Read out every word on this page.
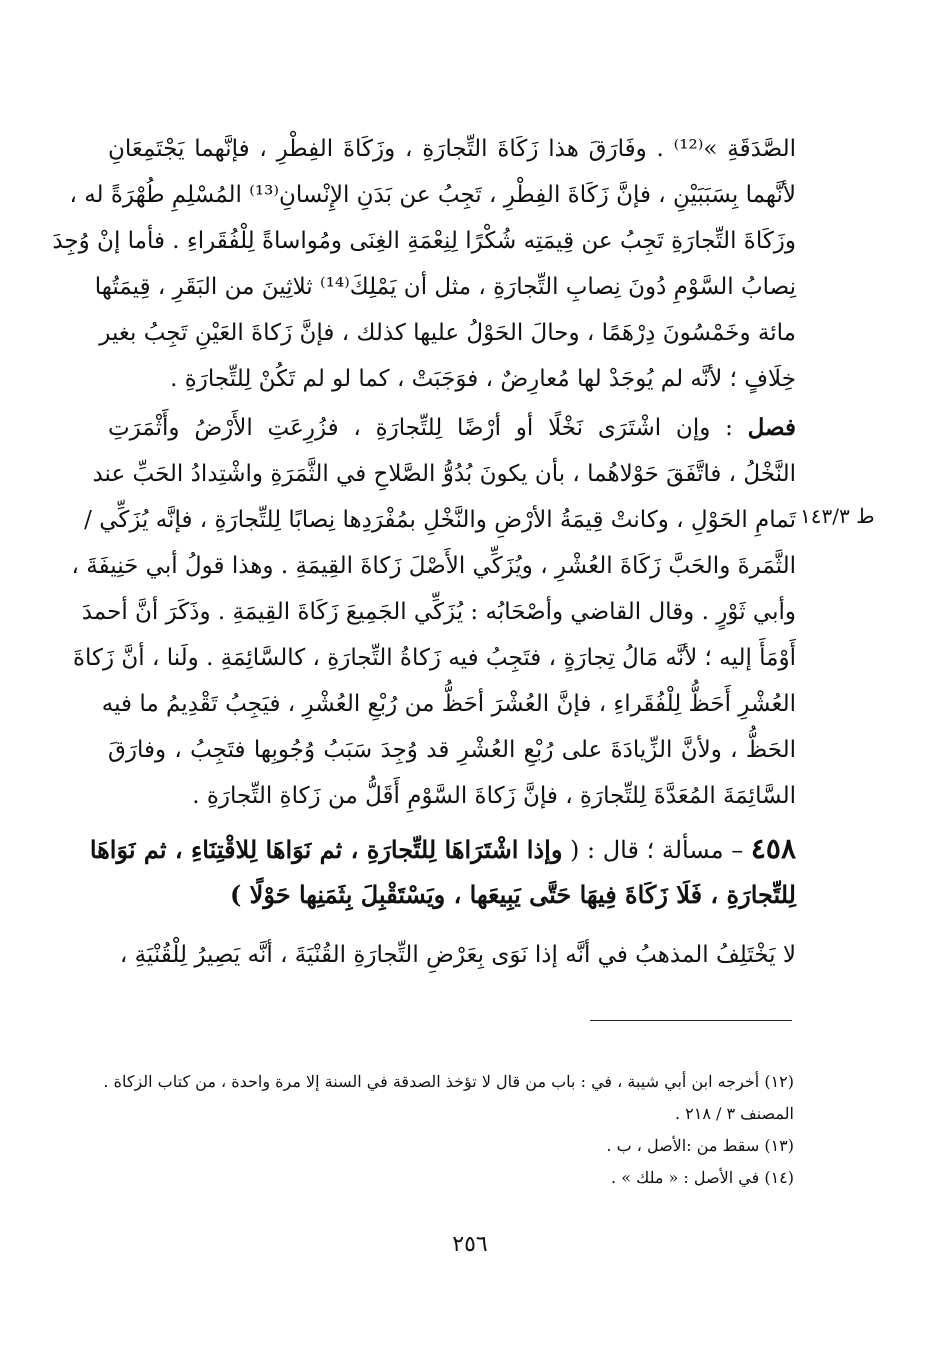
الصَّدَقَةِ »⁽¹²⁾ . وفَارَقَ هذا زَكَاةَ التِّجارَةِ ، وزَكَاةَ الفِطْرِ ، فإنَّهما يَجْتَمِعَانِ
لأنَّهما بِسَبَبَيْنِ ، فإنَّ زَكَاةَ الفِطْرِ ، تَجِبُ عن بَدَنِ الإِنْسانِ⁽¹³⁾ المُسْلِمِ طُهْرَةً له ،
وزَكَاةَ التِّجارَةِ تَجِبُ عن قِيمَتِه شُكْرًا لِنِعْمَةِ الغِنَى ومُواساةً لِلْفُقَراءِ . فأما إنْ وُجِدَ
نِصابُ السَّوْمِ دُونَ نِصابِ التِّجارَةِ ، مثل أن يَمْلِكَ⁽¹⁴⁾ ثلاثِينَ من البَقَرِ ، قِيمَتُها
مائة وخَمْسُونَ دِرْهَمًا ، وحالَ الحَوْلُ عليها كذلك ، فإنَّ زَكاةَ العَيْنِ تَجِبُ بغير
خِلَافٍ ؛ لأنَّه لم يُوجَدْ لها مُعارِضٌ ، فوَجَبَتْ ، كما لو لم تَكُنْ لِلتِّجارَةِ .
فصل : وإن اشْتَرَى نَخْلًا أو أرْضًا لِلتِّجارَةِ ، فزُرِعَتِ الأَرْضُ وأَثْمَرَتِ
النَّخْلُ ، فاتَّفَقَ حَوْلاهُما ، بأن يكونَ بُدُوُّ الصَّلاحِ في الثَّمَرَةِ واشْتِدادُ الحَبِّ عند
تَمامِ الحَوْلِ ، وكانتْ قِيمَةُ الأرْضِ والنَّخْلِ بمُفْرَدِها نِصابًا لِلتِّجارَةِ ، فإنَّه يُزَكِّي /
الثَّمَرةَ والحَبَّ زَكَاةَ العُشْرِ ، ويُزَكِّي الأَصْلَ زَكاةَ القِيمَةِ . وهذا قولُ أبي حَنِيفَةَ ،
وأبي ثَوْرٍ . وقال القاضي وأصْحَابُه : يُزَكِّي الجَمِيعَ زَكَاةَ القِيمَةِ . وذَكَرَ أنَّ أحمدَ
أَوْمَأَ إليه ؛ لأنَّه مَالُ تِجارَةٍ ، فتَجِبُ فيه زَكاةُ التِّجارَةِ ، كالسَّائِمَةِ . ولَنا ، أنَّ زَكاةَ
العُشْرِ أَحَظُّ لِلْفُقَراءِ ، فإنَّ العُشْرَ أحَظُّ من رُبْعِ العُشْرِ ، فيَجِبُ تَقْدِيمُ ما فيه
الحَظُّ ، ولأنَّ الزِّيادَةَ على رُبْعِ العُشْرِ قد وُجِدَ سَبَبُ وُجُوبِها فتَجِبُ ، وفارَقَ
السَّائِمَةَ المُعَدَّةَ لِلتِّجارَةِ ، فإنَّ زَكاةَ السَّوْمِ أَقَلُّ من زَكاةِ التِّجارَةِ .
ط ١٤٣/٣
٤٥٨ – مسألة ؛ قال : ( وإذا اشْتَرَاهَا لِلتِّجارَةِ ، ثم نَوَاهَا لِلاقْتِنَاءِ ، ثم نَوَاهَا
لِلتِّجارَةِ ، فَلَا زَكَاةَ فِيهَا حَتَّى يَبِيعَها ، ويَسْتَقْبِلَ بِثَمَنِها حَوْلًا )
لا يَخْتَلِفُ المذهبُ في أنَّه إذا نَوَى بِعَرْضِ التِّجارَةِ القُنْيَةَ ، أنَّه يَصِيرُ لِلْقُنْيَةِ ،
(١٢) أخرجه ابن أبي شيبة ، في : باب من قال لا تؤخذ الصدقة في السنة إلا مرة واحدة ، من كتاب الزكاة .
المصنف ٣ / ٢١٨ .
(١٣) سقط من :الأصل ، ب .
(١٤) في الأصل : « ملك » .
٢٥٦
